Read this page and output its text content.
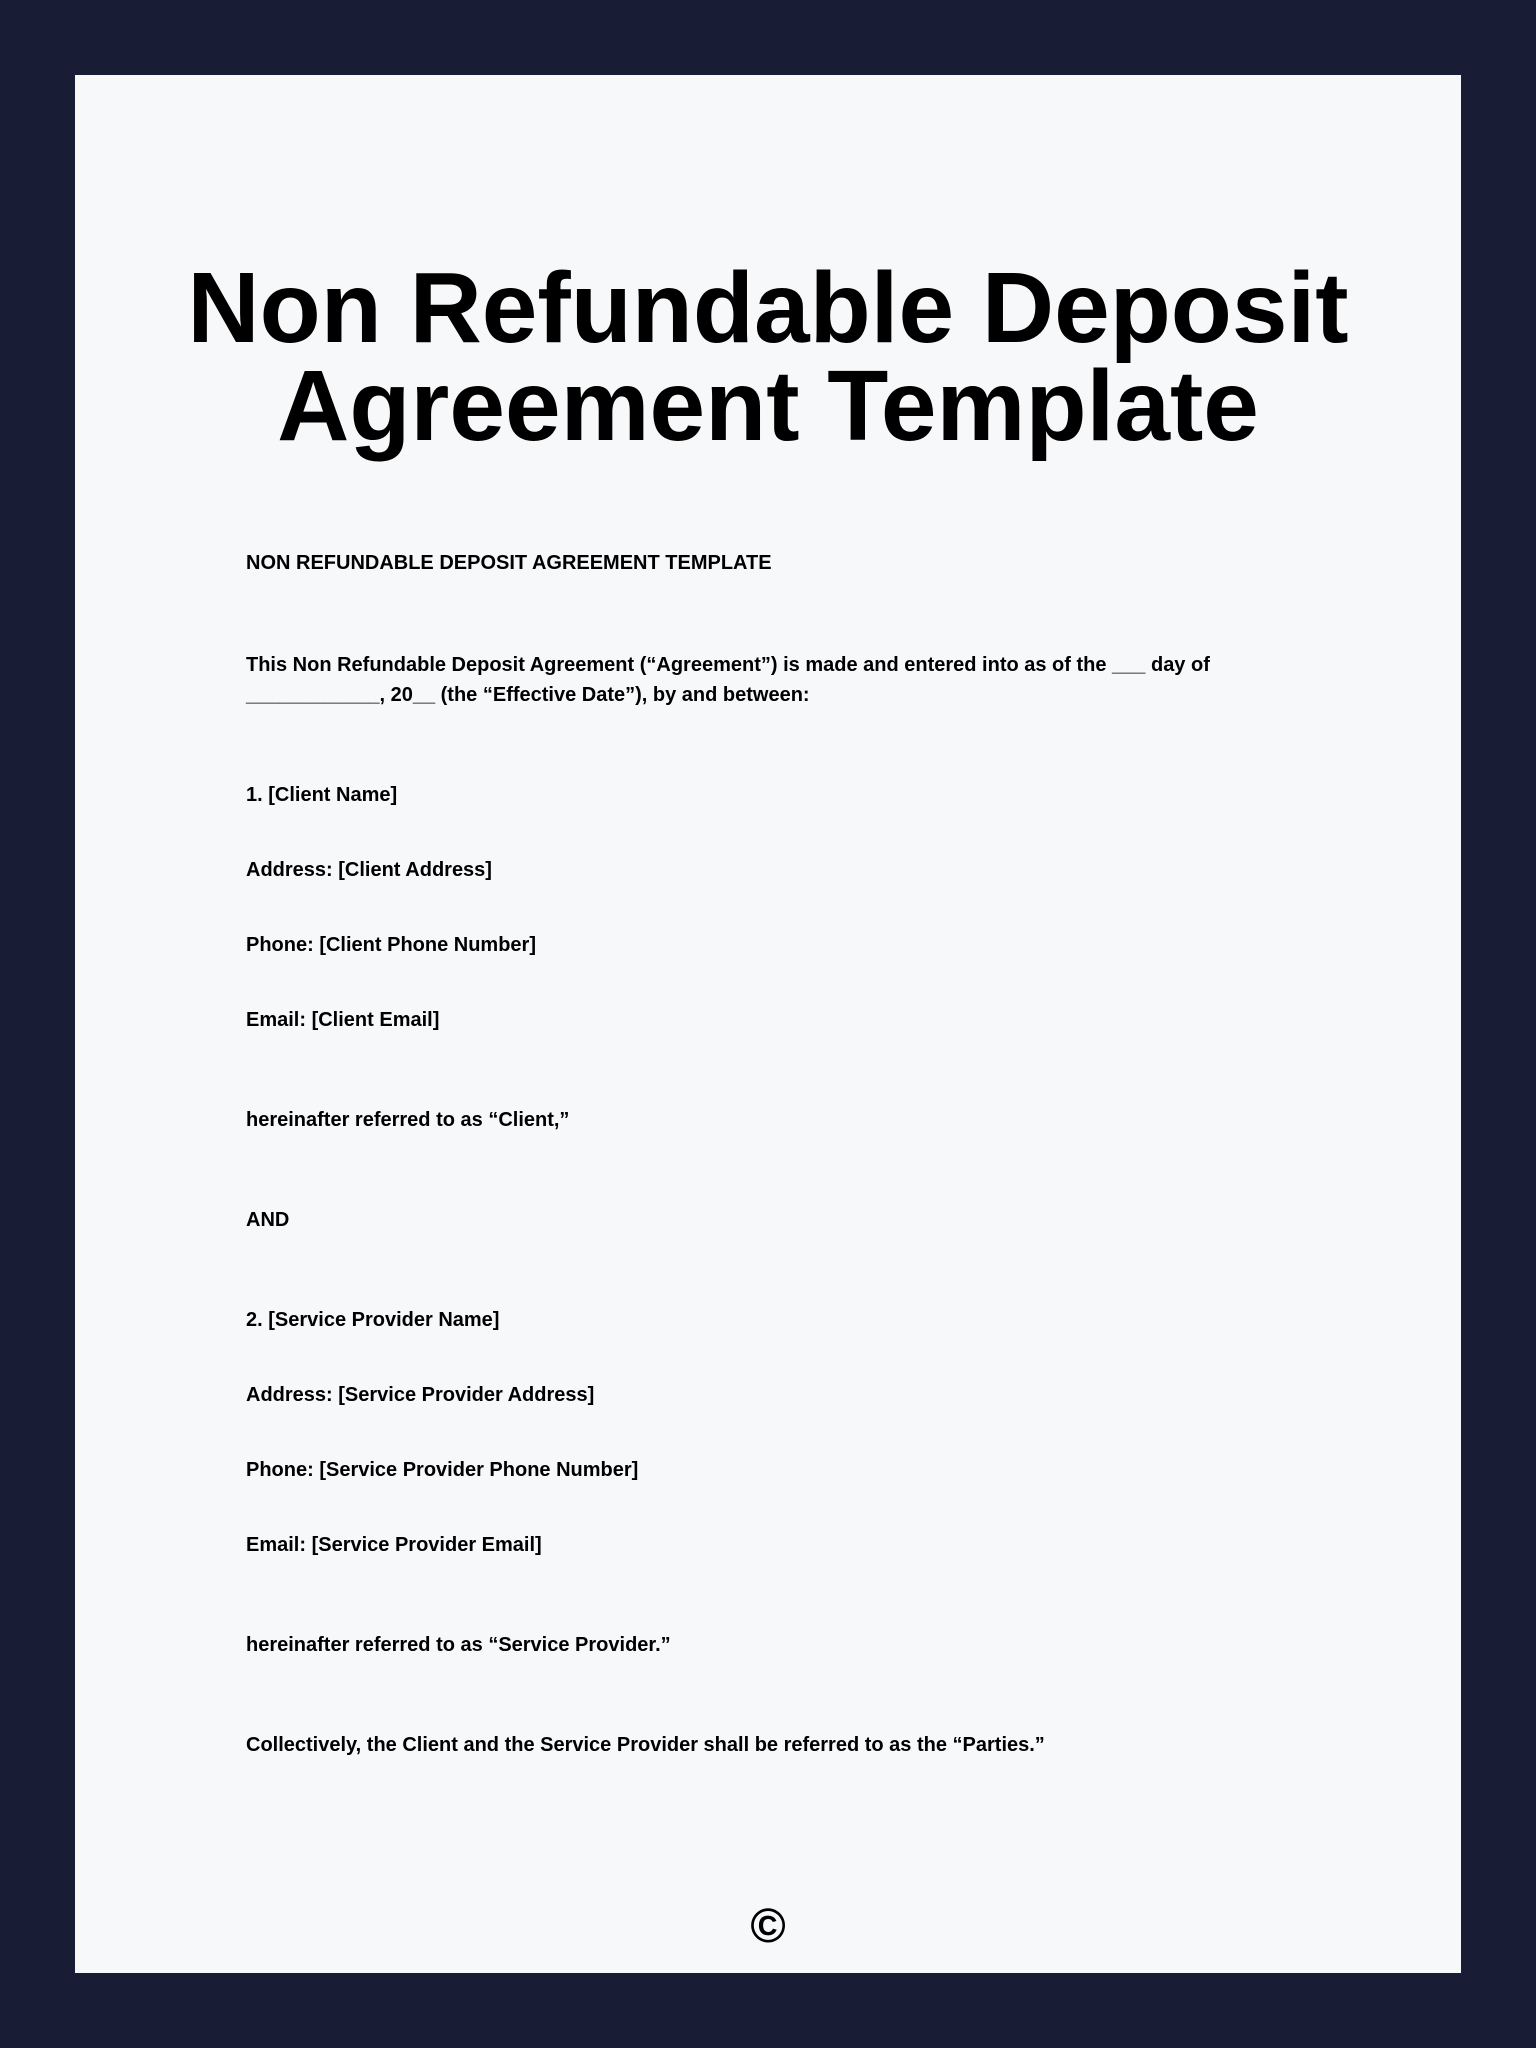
Non Refundable Deposit
Agreement Template
NON REFUNDABLE DEPOSIT AGREEMENT TEMPLATE
This Non Refundable Deposit Agreement (“Agreement”) is made and entered into as of the ___ day of
____________, 20__ (the “Effective Date”), by and between:
1. [Client Name]
Address: [Client Address]
Phone: [Client Phone Number]
Email: [Client Email]
hereinafter referred to as “Client,”
AND
2. [Service Provider Name]
Address: [Service Provider Address]
Phone: [Service Provider Phone Number]
Email: [Service Provider Email]
hereinafter referred to as “Service Provider.”
Collectively, the Client and the Service Provider shall be referred to as the “Parties.”
©
